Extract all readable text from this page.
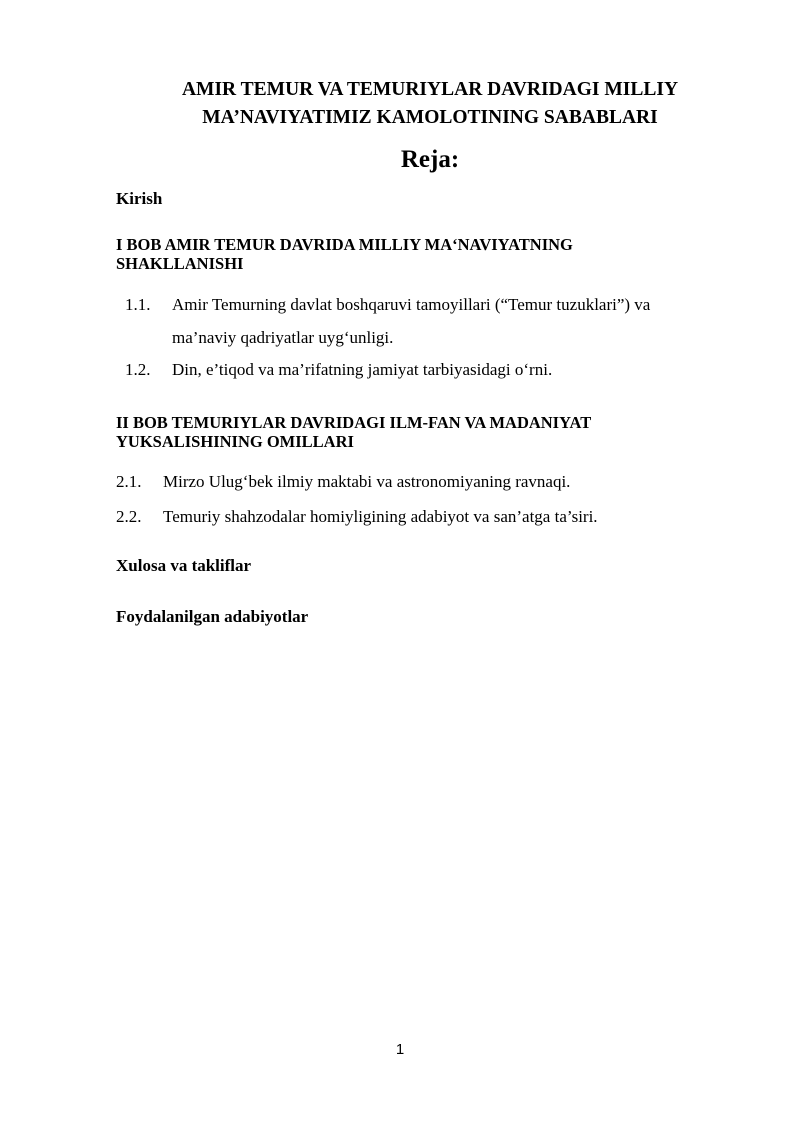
AMIR TEMUR VA TEMURIYLAR DAVRIDAGI MILLIY
MA’NAVIYATIMIZ KAMOLOTINING SABABLARI
Reja:
Kirish
I BOB AMIR TEMUR DAVRIDA MILLIY MA‘NAVIYATNING
SHAKLLANISHI
1.1. Amir Temurning davlat boshqaruvi tamoyillari (“Temur tuzuklari”) va
ma’naviy qadriyatlar uyg‘unligi.
1.2. Din, e’tiqod va ma’rifatning jamiyat tarbiyasidagi o‘rni.
II BOB TEMURIYLAR DAVRIDAGI ILM-FAN VA MADANIYAT
YUKSALISHINING OMILLARI
2.1. Mirzo Ulug‘bek ilmiy maktabi va astronomiyaning ravnaqi.
2.2. Temuriy shahzodalar homiyligining adabiyot va san’atga ta’siri.
Xulosa va takliflar
Foydalanilgan adabiyotlar
1
